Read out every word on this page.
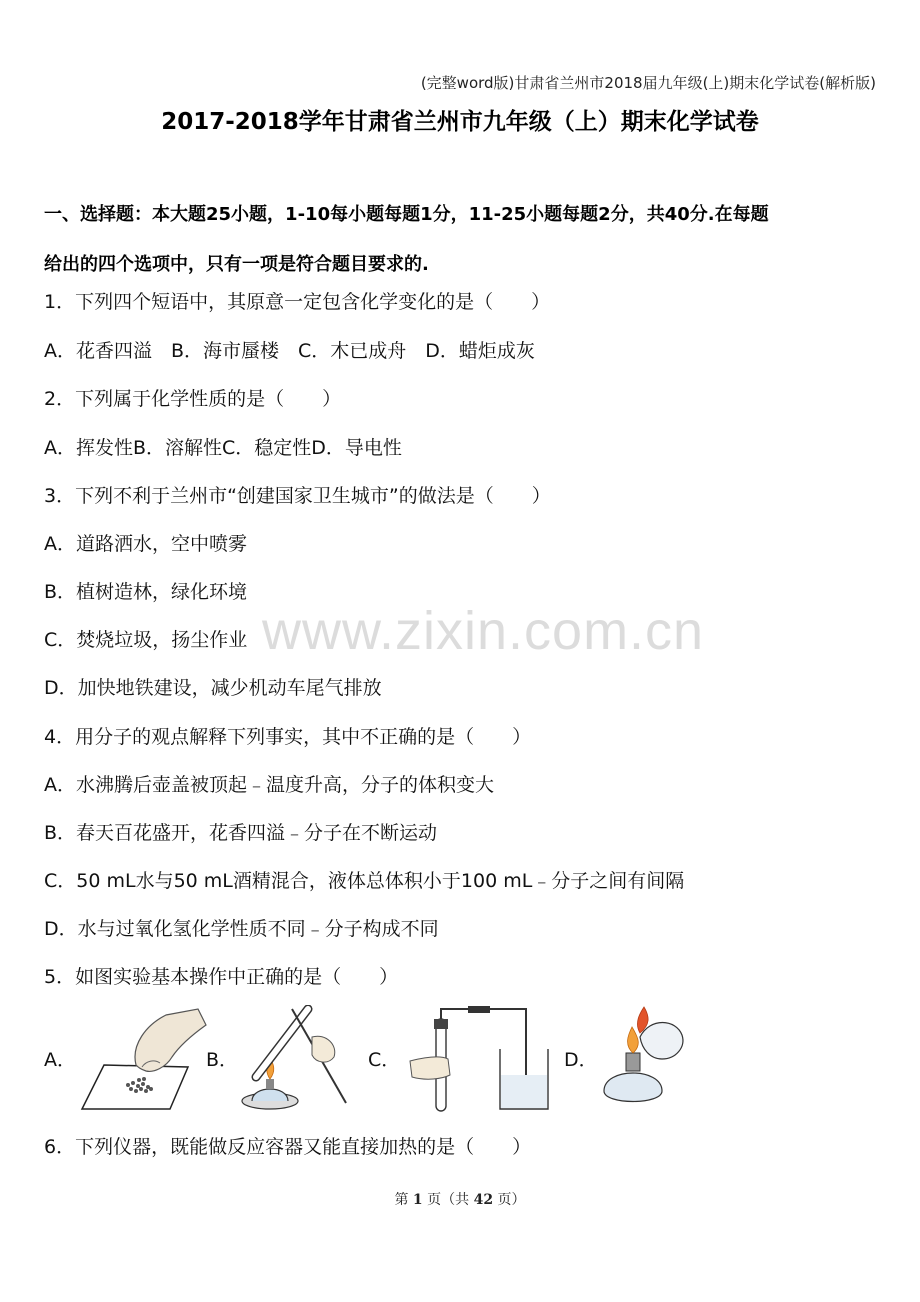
(完整word版)甘肃省兰州市2018届九年级(上)期末化学试卷(解析版)
2017-2018学年甘肃省兰州市九年级（上）期末化学试卷
一、选择题：本大题25小题，1-10每小题每题1分，11-25小题每题2分，共40分.在每题
给出的四个选项中，只有一项是符合题目要求的.
www.zixin.com.cn
1．下列四个短语中，其原意一定包含化学变化的是（　　）
A．花香四溢　B．海市蜃楼　C．木已成舟　D．蜡炬成灰
2．下列属于化学性质的是（　　）
A．挥发性B．溶解性C．稳定性D．导电性
3．下列不利于兰州市“创建国家卫生城市”的做法是（　　）
A．道路洒水，空中喷雾
B．植树造林，绿化环境
C．焚烧垃圾，扬尘作业
D．加快地铁建设，减少机动车尾气排放
4．用分子的观点解释下列事实，其中不正确的是（　　）
A．水沸腾后壶盖被顶起﹣温度升高，分子的体积变大
B．春天百花盛开，花香四溢﹣分子在不断运动
C．50 mL水与50 mL酒精混合，液体总体积小于100 mL﹣分子之间有间隔
D．水与过氧化氢化学性质不同﹣分子构成不同
5．如图实验基本操作中正确的是（　　）
A．	B．	C．	D．
6．下列仪器，既能做反应容器又能直接加热的是（　　）
第 1 页（共 42 页）
